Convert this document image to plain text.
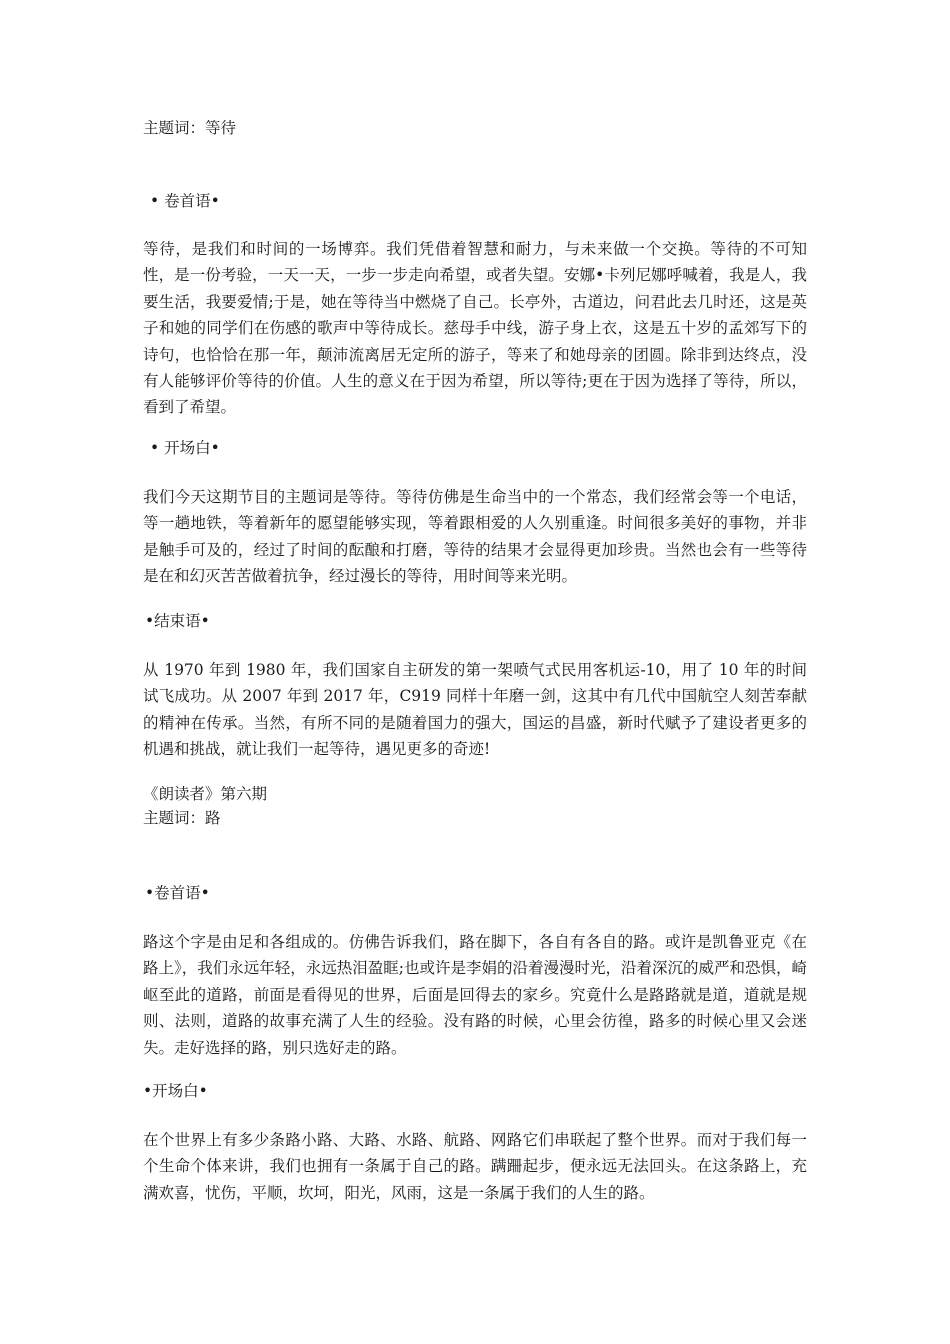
主题词：等待

• 卷首语•

等待，是我们和时间的一场博弈。我们凭借着智慧和耐力，与未来做一个交换。等待的不可知性，是一份考验，一天一天，一步一步走向希望，或者失望。安娜•卡列尼娜呼喊着，我是人，我要生活，我要爱情;于是，她在等待当中燃烧了自己。长亭外，古道边，问君此去几时还，这是英子和她的同学们在伤感的歌声中等待成长。慈母手中线，游子身上衣，这是五十岁的孟郊写下的诗句，也恰恰在那一年，颠沛流离居无定所的游子，等来了和她母亲的团圆。除非到达终点，没有人能够评价等待的价值。人生的意义在于因为希望，所以等待;更在于因为选择了等待，所以，看到了希望。

• 开场白•

我们今天这期节目的主题词是等待。等待仿佛是生命当中的一个常态，我们经常会等一个电话，等一趟地铁，等着新年的愿望能够实现，等着跟相爱的人久别重逢。时间很多美好的事物，并非是触手可及的，经过了时间的酝酿和打磨，等待的结果才会显得更加珍贵。当然也会有一些等待是在和幻灭苦苦做着抗争，经过漫长的等待，用时间等来光明。

•结束语•

从 1970 年到 1980 年，我们国家自主研发的第一架喷气式民用客机运-10，用了 10 年的时间试飞成功。从 2007 年到 2017 年，C919 同样十年磨一剑，这其中有几代中国航空人刻苦奉献的精神在传承。当然，有所不同的是随着国力的强大，国运的昌盛，新时代赋予了建设者更多的机遇和挑战，就让我们一起等待，遇见更多的奇迹!

《朗读者》第六期

主题词：路

•卷首语•

路这个字是由足和各组成的。仿佛告诉我们，路在脚下，各自有各自的路。或许是凯鲁亚克《在路上》，我们永远年轻，永远热泪盈眶;也或许是李娟的沿着漫漫时光，沿着深沉的威严和恐惧，崎岖至此的道路，前面是看得见的世界，后面是回得去的家乡。究竟什么是路路就是道，道就是规则、法则，道路的故事充满了人生的经验。没有路的时候，心里会彷徨，路多的时候心里又会迷失。走好选择的路，别只选好走的路。

•开场白•

在个世界上有多少条路小路、大路、水路、航路、网路它们串联起了整个世界。而对于我们每一个生命个体来讲，我们也拥有一条属于自己的路。蹒跚起步，便永远无法回头。在这条路上，充满欢喜，忧伤，平顺，坎坷，阳光，风雨，这是一条属于我们的人生的路。
